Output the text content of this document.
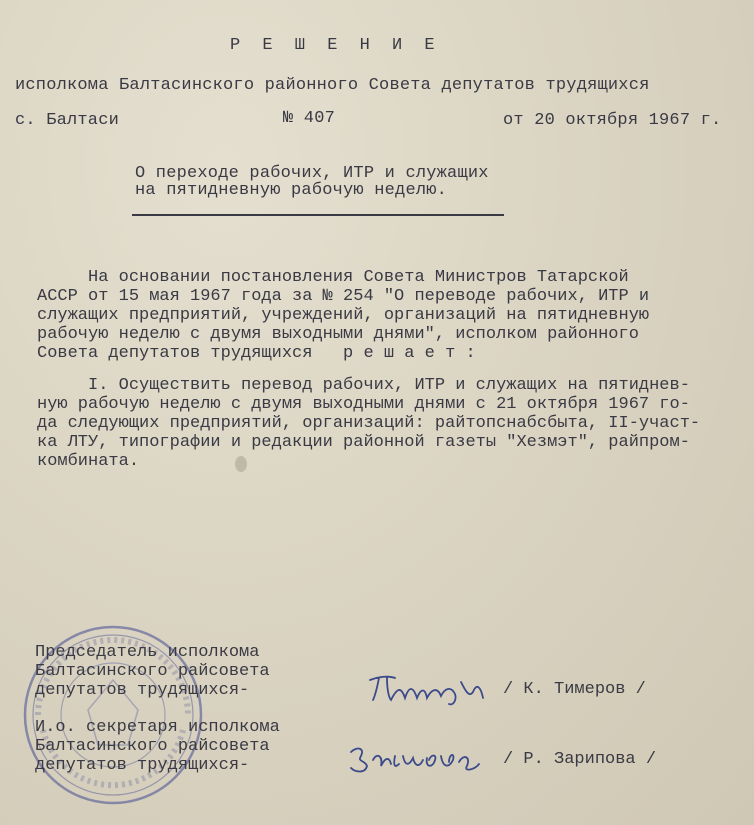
Р Е Ш Е Н И Е
исполкома Балтасинского районного Совета депутатов трудящихся
с. Балтаси	№ 407	от 20 октября 1967 г.
О переходе рабочих, ИТР и служащих
на пятидневную рабочую неделю.
На основании постановления Совета Министров Татарской
АССР от 15 мая 1967 года за № 254 "О переводе рабочих, ИТР и
служащих предприятий, учреждений, организаций на пятидневную
рабочую неделю с двумя выходными днями", исполком районного
Совета депутатов трудящихся   р е ш а е т :
I. Осуществить перевод рабочих, ИТР и служащих на пятиднев-
ную рабочую неделю с двумя выходными днями с 21 октября 1967 го-
да следующих предприятий, организаций: райтопснабсбыта, II-участ-
ка ЛТУ, типографии и редакции районной газеты "Хезмэт", райпром-
комбината.
Председатель исполкома
Балтасинского райсовета
депутатов трудящихся-
И.о. секретаря исполкома
Балтасинского райсовета
депутатов трудящихся-
/ К. Тимеров /
/ Р. Зарипова /
